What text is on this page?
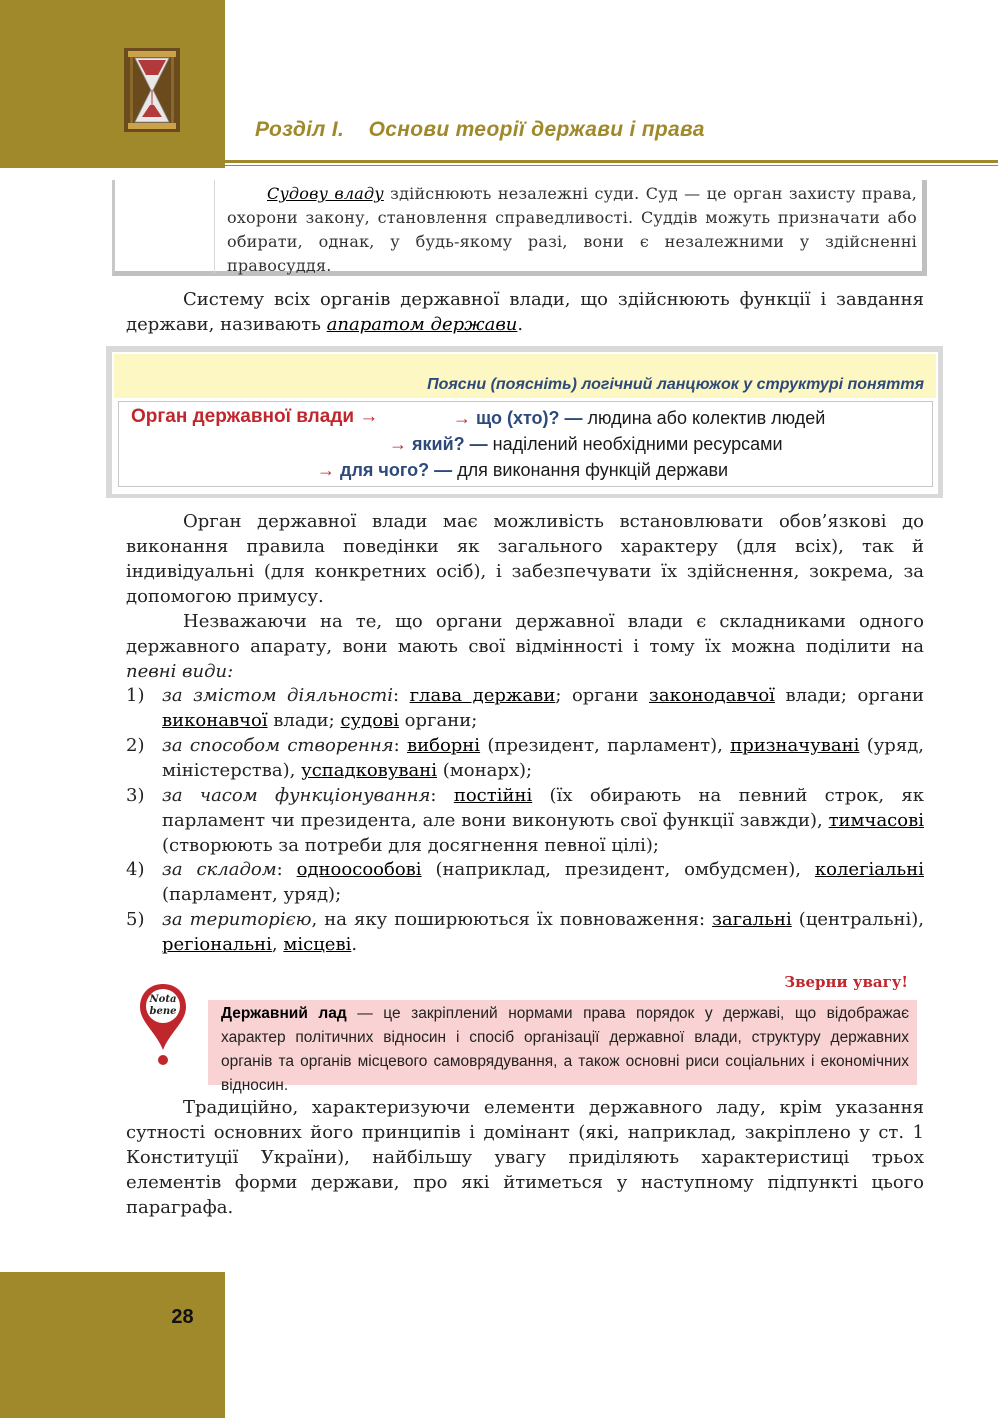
Розділ I.    Основи теорії держави і права
Судову владу здійснюють незалежні суди. Суд — це орган захисту права, охорони закону, становлення справедливості. Суддів можуть призначати або обирати, однак, у будь-якому разі, вони є незалежними у здійсненні правосуддя.
Систему всіх органів державної влади, що здійснюють функції і завдання держави, називають апаратом держави.
Поясни (поясніть) логічний ланцюжок у структурі поняття
Орган державної влади →	→ що (хто)? — людина або колектив людей
→ який? — наділений необхідними ресурсами
→ для чого? — для виконання функцій держави
Орган державної влади має можливість встановлювати обов’язкові до виконання правила поведінки як загального характеру (для всіх), так й індивідуальні (для конкретних осіб), і забезпечувати їх здійснення, зокрема, за допомогою примусу.
Незважаючи на те, що органи державної влади є складниками одного державного апарату, вони мають свої відмінності і тому їх можна поділити на певні види:
1) за змістом діяльності: глава держави; органи законодавчої влади; органи виконавчої влади; судові органи;
2) за способом створення: виборні (президент, парламент), призначувані (уряд, міністерства), успадковувані (монарх);
3) за часом функціонування: постійні (їх обирають на певний строк, як парламент чи президента, але вони виконують свої функції завжди), тимчасові (створюють за потреби для досягнення певної цілі);
4) за складом: одноосообові (наприклад, президент, омбудсмен), колегіальні (парламент, уряд);
5) за територією, на яку поширюються їх повноваження: загальні (центральні), регіональні, місцеві.
Зверни увагу!
Nota
bene	Державний лад — це закріплений нормами права порядок у державі, що відображає характер політичних відносин і спосіб організації державної влади, структуру державних органів та органів місцевого самоврядування, а також основні риси соціальних і економічних відносин.
Традиційно, характеризуючи елементи державного ладу, крім указання сутності основних його принципів і домінант (які, наприклад, закріплено у ст. 1 Конституції України), найбільшу увагу приділяють характеристиці трьох елементів форми держави, про які йтиметься у наступному підпункті цього параграфа.
28
